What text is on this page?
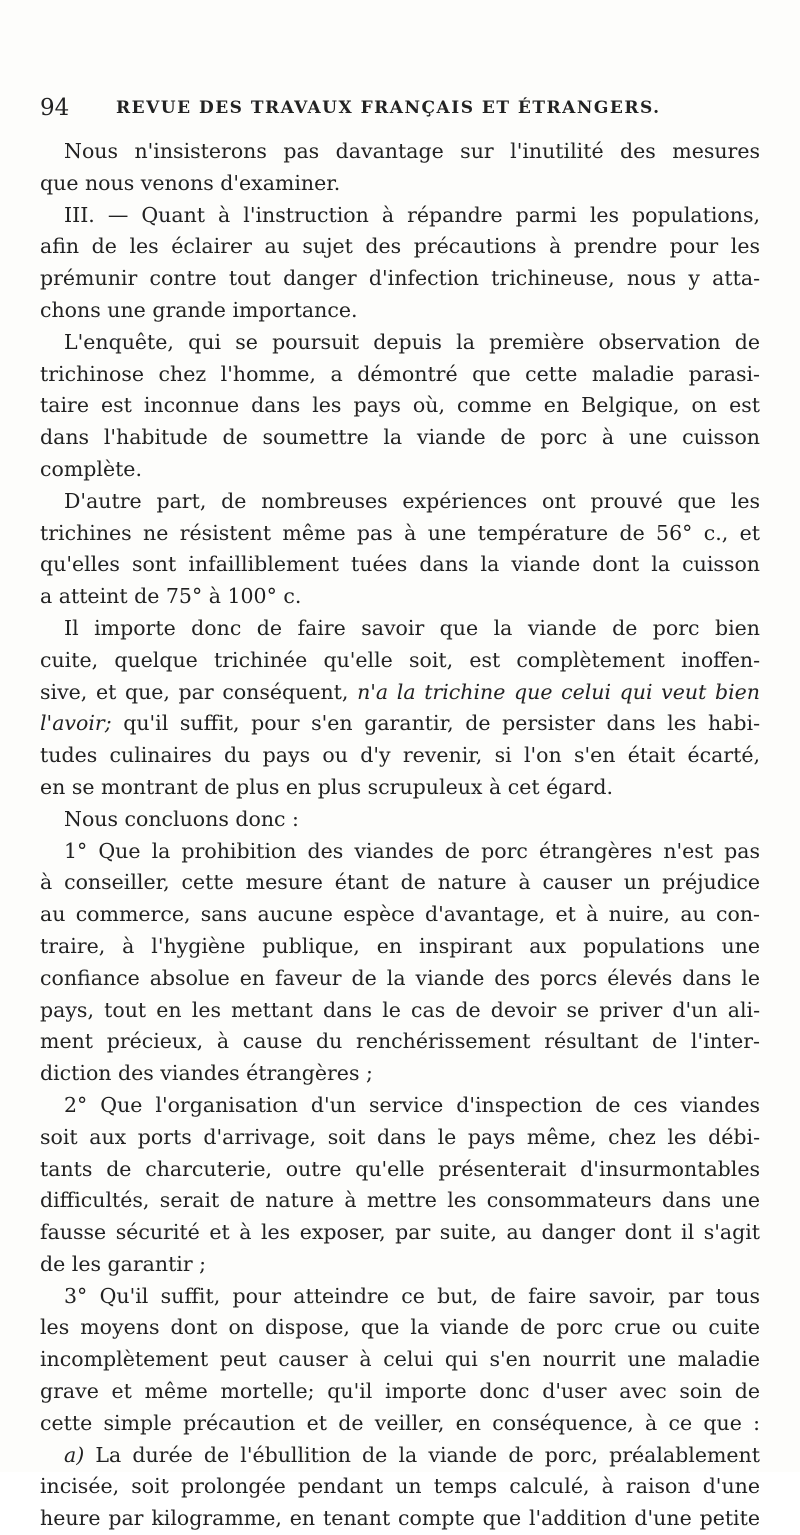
94	REVUE DES TRAVAUX FRANÇAIS ET ÉTRANGERS.
Nous n'insisterons pas davantage sur l'inutilité des mesures
que nous venons d'examiner.
III. — Quant à l'instruction à répandre parmi les populations,
afin de les éclairer au sujet des précautions à prendre pour les
prémunir contre tout danger d'infection trichineuse, nous y atta-
chons une grande importance.
L'enquête, qui se poursuit depuis la première observation de
trichinose chez l'homme, a démontré que cette maladie parasi-
taire est inconnue dans les pays où, comme en Belgique, on est
dans l'habitude de soumettre la viande de porc à une cuisson
complète.
D'autre part, de nombreuses expériences ont prouvé que les
trichines ne résistent même pas à une température de 56° c., et
qu'elles sont infailliblement tuées dans la viande dont la cuisson
a atteint de 75° à 100° c.
Il importe donc de faire savoir que la viande de porc bien
cuite, quelque trichinée qu'elle soit, est complètement inoffen-
sive, et que, par conséquent, n'a la trichine que celui qui veut bien
l'avoir; qu'il suffit, pour s'en garantir, de persister dans les habi-
tudes culinaires du pays ou d'y revenir, si l'on s'en était écarté,
en se montrant de plus en plus scrupuleux à cet égard.
Nous concluons donc :
1° Que la prohibition des viandes de porc étrangères n'est pas
à conseiller, cette mesure étant de nature à causer un préjudice
au commerce, sans aucune espèce d'avantage, et à nuire, au con-
traire, à l'hygiène publique, en inspirant aux populations une
confiance absolue en faveur de la viande des porcs élevés dans le
pays, tout en les mettant dans le cas de devoir se priver d'un ali-
ment précieux, à cause du renchérissement résultant de l'inter-
diction des viandes étrangères ;
2° Que l'organisation d'un service d'inspection de ces viandes
soit aux ports d'arrivage, soit dans le pays même, chez les débi-
tants de charcuterie, outre qu'elle présenterait d'insurmontables
difficultés, serait de nature à mettre les consommateurs dans une
fausse sécurité et à les exposer, par suite, au danger dont il s'agit
de les garantir ;
3° Qu'il suffit, pour atteindre ce but, de faire savoir, par tous
les moyens dont on dispose, que la viande de porc crue ou cuite
incomplètement peut causer à celui qui s'en nourrit une maladie
grave et même mortelle; qu'il importe donc d'user avec soin de
cette simple précaution et de veiller, en conséquence, à ce que :
a) La durée de l'ébullition de la viande de porc, préalablement
incisée, soit prolongée pendant un temps calculé, à raison d'une
heure par kilogramme, en tenant compte que l'addition d'une petite
